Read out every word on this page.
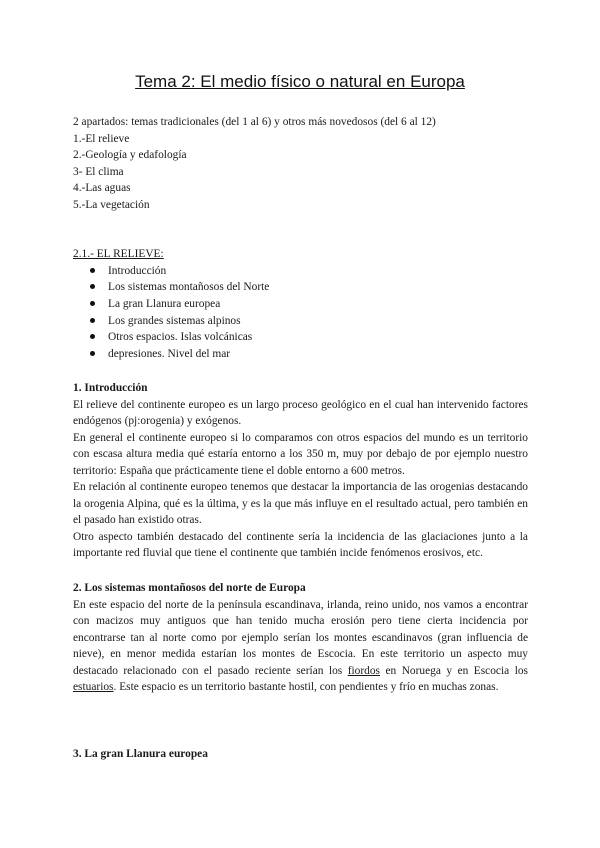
Tema 2: El medio físico o natural en Europa
2 apartados: temas tradicionales (del 1 al 6) y otros más novedosos (del 6 al 12)
1.-El relieve
2.-Geología y edafología
3- El clima
4.-Las aguas
5.-La vegetación
2.1.- EL RELIEVE:
Introducción
Los sistemas montañosos del Norte
La gran Llanura europea
Los grandes sistemas alpinos
Otros espacios. Islas volcánicas
depresiones. Nivel del mar
1. Introducción

El relieve del continente europeo es un largo proceso geológico en el cual han intervenido factores endógenos (pj:orogenia) y exógenos.

En general el continente europeo si lo comparamos con otros espacios del mundo es un territorio con escasa altura media qué estaría entorno a los 350 m, muy por debajo de por ejemplo nuestro territorio: España que prácticamente tiene el doble entorno a 600 metros.

En relación al continente europeo tenemos que destacar la importancia de las orogenias destacando la orogenia Alpina, qué es la última, y es la que más influye en el resultado actual, pero también en el pasado han existido otras.

Otro aspecto también destacado del continente sería la incidencia de las glaciaciones junto a la importante red fluvial que tiene el continente que también incide fenómenos erosivos, etc.

2. Los sistemas montañosos del norte de Europa

En este espacio del norte de la península escandinava, irlanda, reino unido, nos vamos a encontrar con macizos muy antiguos que han tenido mucha erosión pero tiene cierta incidencia por encontrarse tan al norte como por ejemplo serían los montes escandinavos (gran influencia de nieve), en menor medida estarían los montes de Escocia. En este territorio un aspecto muy destacado relacionado con el pasado reciente serían los fiordos en Noruega y en Escocia los estuarios. Este espacio es un territorio bastante hostil, con pendientes y frío en muchas zonas.

3. La gran Llanura europea
